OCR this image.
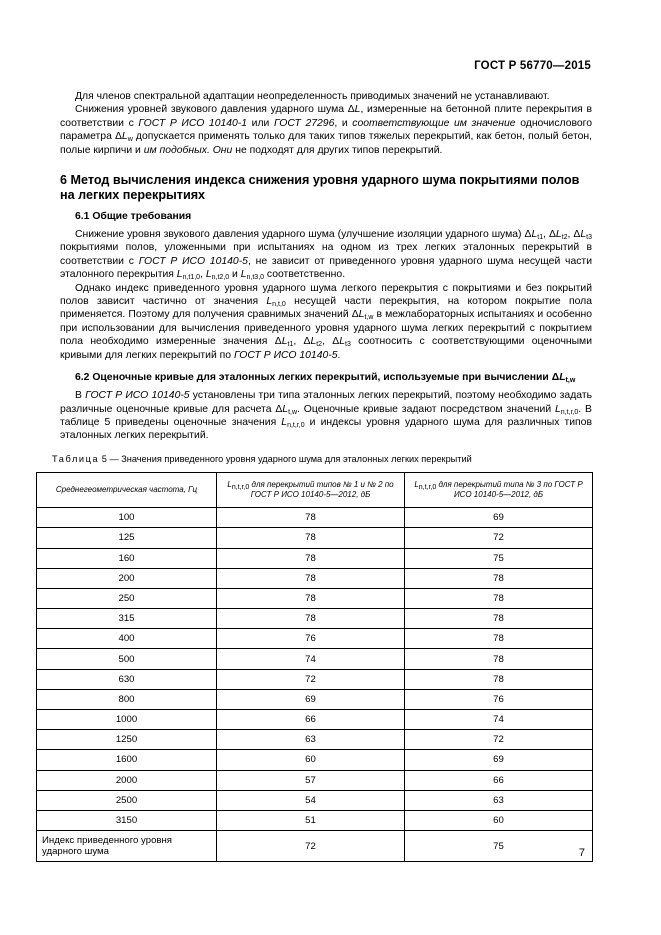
ГОСТ Р 56770—2015

Для членов спектральной адаптации неопределенность приводимых значений не устанавливают.

Снижения уровней звукового давления ударного шума ΔL, измеренные на бетонной плите перекрытия в соответствии с ГОСТ Р ИСО 10140-1 или ГОСТ 27296, и соответствующие им значение одночислового параметра $\Delta L_w$ допускается применять только для таких типов тяжелых перекрытий, как бетон, полый бетон, полые кирпичи и им подобных. Они не подходят для других типов перекрытий.

6 Метод вычисления индекса снижения уровня ударного шума покрытиями полов на легких перекрытиях
6.1 Общие требования

Снижение уровня звукового давления ударного шума (улучшение изоляции ударного шума) $\Delta L_{t1}$, $\Delta L_{t2}$, $\Delta L_{t3}$ покрытиями полов, уложенными при испытаниях на одном из трех легких эталонных перекрытий в соответствии с ГОСТ Р ИСО 10140-5, не зависит от приведенного уровня ударного шума несущей части эталонного перекрытия $L_{n,t1,0}$, $L_{n,t2,0}$ и $L_{n,t3,0}$ соответственно.

Однако индекс приведенного уровня ударного шума легкого перекрытия с покрытиями и без покрытий полов зависит частично от значения $L_{n,t,0}$ несущей части перекрытия, на котором покрытие пола применяется. Поэтому для получения сравнимых значений $\Delta L_{t,w}$ в межлабораторных испытаниях и особенно при использовании для вычисления приведенного уровня ударного шума легких перекрытий с покрытием пола необходимо измеренные значения $\Delta L_{t1}$, $\Delta L_{t2}$, $\Delta L_{t3}$ соотносить с соответствующими оценочными кривыми для легких перекрытий по ГОСТ Р ИСО 10140-5.

6.2 Оценочные кривые для эталонных легких перекрытий, используемые при вычислении $\Delta L_{t,w}$

В ГОСТ Р ИСО 10140-5 установлены три типа эталонных легких перекрытий, поэтому необходимо задать различные оценочные кривые для расчета $\Delta L_{t,w}$. Оценочные кривые задают посредством значений $L_{n,t,r,0}$. В таблице 5 приведены оценочные значения $L_{n,t,r,0}$ и индексы уровня ударного шума для различных типов эталонных легких перекрытий.

Таблица 5 — Значения приведенного уровня ударного шума для эталонных легких перекрытий

Среднегеометрическая частота, Гц	$L_{n,t,r,0}$ для перекрытий типов № 1 и № 2 по ГОСТ Р ИСО 10140-5—2012, дБ	$L_{n,t,r,0}$ для перекрытий типа № 3 по ГОСТ Р ИСО 10140-5—2012, дБ
100	78	69
125	78	72
160	78	75
200	78	78
250	78	78
315	78	78
400	76	78
500	74	78
630	72	78
800	69	76
1000	66	74
1250	63	72
1600	60	69
2000	57	66
2500	54	63
3150	51	60
Индекс приведенного уровня ударного шума	72	75
7
